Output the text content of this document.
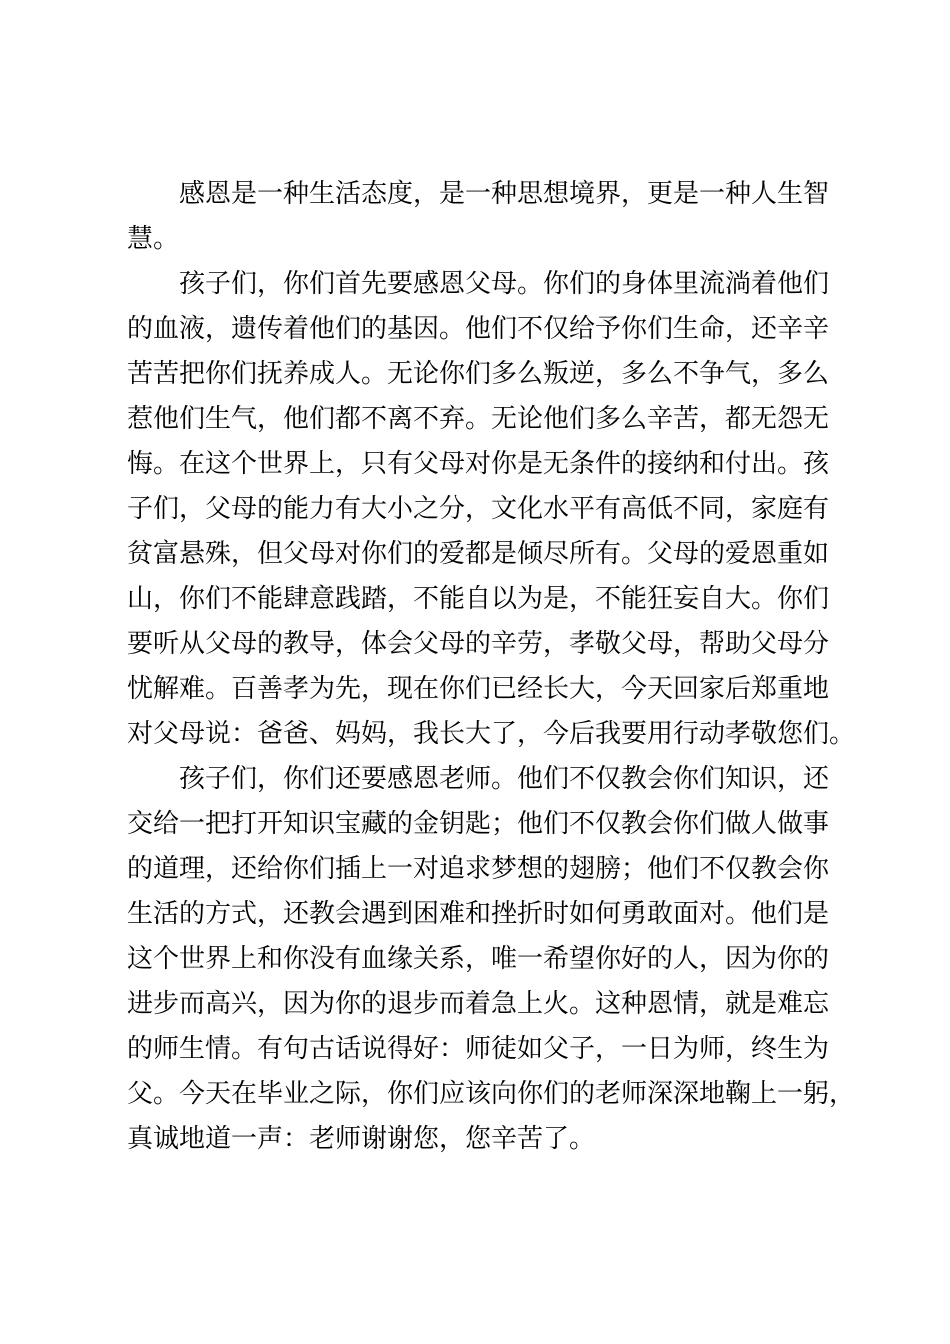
感恩是一种生活态度，是一种思想境界，更是一种人生智
慧。
孩子们，你们首先要感恩父母。你们的身体里流淌着他们
的血液，遗传着他们的基因。他们不仅给予你们生命，还辛辛
苦苦把你们抚养成人。无论你们多么叛逆，多么不争气，多么
惹他们生气，他们都不离不弃。无论他们多么辛苦，都无怨无
悔。在这个世界上，只有父母对你是无条件的接纳和付出。孩
子们，父母的能力有大小之分，文化水平有高低不同，家庭有
贫富悬殊，但父母对你们的爱都是倾尽所有。父母的爱恩重如
山，你们不能肆意践踏，不能自以为是，不能狂妄自大。你们
要听从父母的教导，体会父母的辛劳，孝敬父母，帮助父母分
忧解难。百善孝为先，现在你们已经长大，今天回家后郑重地
对父母说：爸爸、妈妈，我长大了，今后我要用行动孝敬您们。
孩子们，你们还要感恩老师。他们不仅教会你们知识，还
交给一把打开知识宝藏的金钥匙；他们不仅教会你们做人做事
的道理，还给你们插上一对追求梦想的翅膀；他们不仅教会你
生活的方式，还教会遇到困难和挫折时如何勇敢面对。他们是
这个世界上和你没有血缘关系，唯一希望你好的人，因为你的
进步而高兴，因为你的退步而着急上火。这种恩情，就是难忘
的师生情。有句古话说得好：师徒如父子，一日为师，终生为
父。今天在毕业之际，你们应该向你们的老师深深地鞠上一躬，
真诚地道一声：老师谢谢您，您辛苦了。
